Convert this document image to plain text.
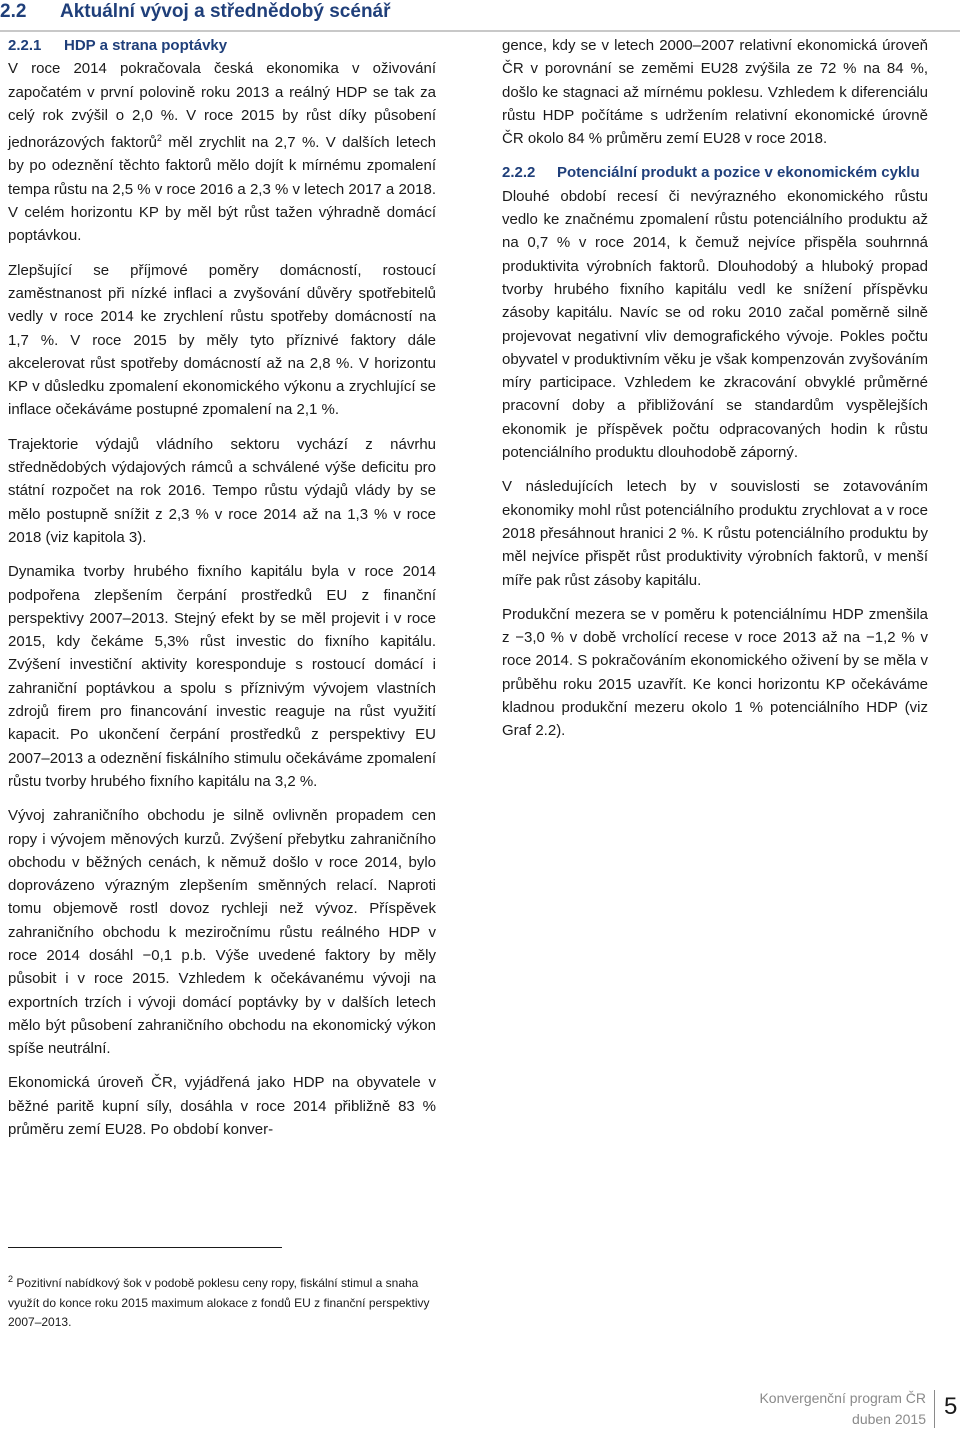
2.2 Aktuální vývoj a střednědobý scénář
2.2.1	HDP a strana poptávky

V roce 2014 pokračovala česká ekonomika v oživování započatém v první polovině roku 2013 a reálný HDP se tak za celý rok zvýšil o 2,0 %. V roce 2015 by růst díky působení jednorázových faktorů$^2$ měl zrychlit na 2,7 %. V dalších letech by po odeznění těchto faktorů mělo dojít k mírnému zpomalení tempa růstu na 2,5 % v roce 2016 a 2,3 % v letech 2017 a 2018. V celém horizontu KP by měl být růst tažen výhradně domácí poptávkou.

Zlepšující se příjmové poměry domácností, rostoucí zaměstnanost při nízké inflaci a zvyšování důvěry spotřebitelů vedly v roce 2014 ke zrychlení růstu spotřeby domácností na 1,7 %. V roce 2015 by měly tyto příznivé faktory dále akcelerovat růst spotřeby domácností až na 2,8 %. V horizontu KP v důsledku zpomalení ekonomického výkonu a zrychlující se inflace očekáváme postupné zpomalení na 2,1 %.

Trajektorie výdajů vládního sektoru vychází z návrhu střednědobých výdajových rámců a schválené výše deficitu pro státní rozpočet na rok 2016. Tempo růstu výdajů vlády by se mělo postupně snížit z 2,3 % v roce 2014 až na 1,3 % v roce 2018 (viz kapitola 3).

Dynamika tvorby hrubého fixního kapitálu byla v roce 2014 podpořena zlepšením čerpání prostředků EU z finanční perspektivy 2007–2013. Stejný efekt by se měl projevit i v roce 2015, kdy čekáme 5,3% růst investic do fixního kapitálu. Zvýšení investiční aktivity koresponduje s rostoucí domácí i zahraniční poptávkou a spolu s příznivým vývojem vlastních zdrojů firem pro financování investic reaguje na růst využití kapacit. Po ukončení čerpání prostředků z perspektivy EU 2007–2013 a odeznění fiskálního stimulu očekáváme zpomalení růstu tvorby hrubého fixního kapitálu na 3,2 %.

Vývoj zahraničního obchodu je silně ovlivněn propadem cen ropy i vývojem měnových kurzů. Zvýšení přebytku zahraničního obchodu v běžných cenách, k němuž došlo v roce 2014, bylo doprovázeno výrazným zlepšením směnných relací. Naproti tomu objemově rostl dovoz rychleji než vývoz. Příspěvek zahraničního obchodu k meziročnímu růstu reálného HDP v roce 2014 dosáhl −0,1 p.b. Výše uvedené faktory by měly působit i v roce 2015. Vzhledem k očekávanému vývoji na exportních trzích i vývoji domácí poptávky by v dalších letech mělo být působení zahraničního obchodu na ekonomický výkon spíše neutrální.

Ekonomická úroveň ČR, vyjádřená jako HDP na obyvatele v běžné paritě kupní síly, dosáhla v roce 2014 přibližně 83 % průměru zemí EU28. Po období konver-

gence, kdy se v letech 2000–2007 relativní ekonomická úroveň ČR v porovnání se zeměmi EU28 zvýšila ze 72 % na 84 %, došlo ke stagnaci až mírnému poklesu. Vzhledem k diferenciálu růstu HDP počítáme s udržením relativní ekonomické úrovně ČR okolo 84 % průměru zemí EU28 v roce 2018.

2.2.2	Potenciální produkt a pozice v ekonomickém cyklu

Dlouhé období recesí či nevýrazného ekonomického růstu vedlo ke značnému zpomalení růstu potenciálního produktu až na 0,7 % v roce 2014, k čemuž nejvíce přispěla souhrnná produktivita výrobních faktorů. Dlouhodobý a hluboký propad tvorby hrubého fixního kapitálu vedl ke snížení příspěvku zásoby kapitálu. Navíc se od roku 2010 začal poměrně silně projevovat negativní vliv demografického vývoje. Pokles počtu obyvatel v produktivním věku je však kompenzován zvyšováním míry participace. Vzhledem ke zkracování obvyklé průměrné pracovní doby a přibližování se standardům vyspělejších ekonomik je příspěvek počtu odpracovaných hodin k růstu potenciálního produktu dlouhodobě záporný.

V následujících letech by v souvislosti se zotavováním ekonomiky mohl růst potenciálního produktu zrychlovat a v roce 2018 přesáhnout hranici 2 %. K růstu potenciálního produktu by měl nejvíce přispět růst produktivity výrobních faktorů, v menší míře pak růst zásoby kapitálu.

Produkční mezera se v poměru k potenciálnímu HDP zmenšila z −3,0 % v době vrcholící recese v roce 2013 až na −1,2 % v roce 2014. S pokračováním ekonomického oživení by se měla v průběhu roku 2015 uzavřít. Ke konci horizontu KP očekáváme kladnou produkční mezeru okolo 1 % potenciálního HDP (viz Graf 2.2).

$^2$ Pozitivní nabídkový šok v podobě poklesu ceny ropy, fiskální stimul a snaha využít do konce roku 2015 maximum alokace z fondů EU z finanční perspektivy 2007–2013.
Konvergenční program ČR
duben 2015 5
